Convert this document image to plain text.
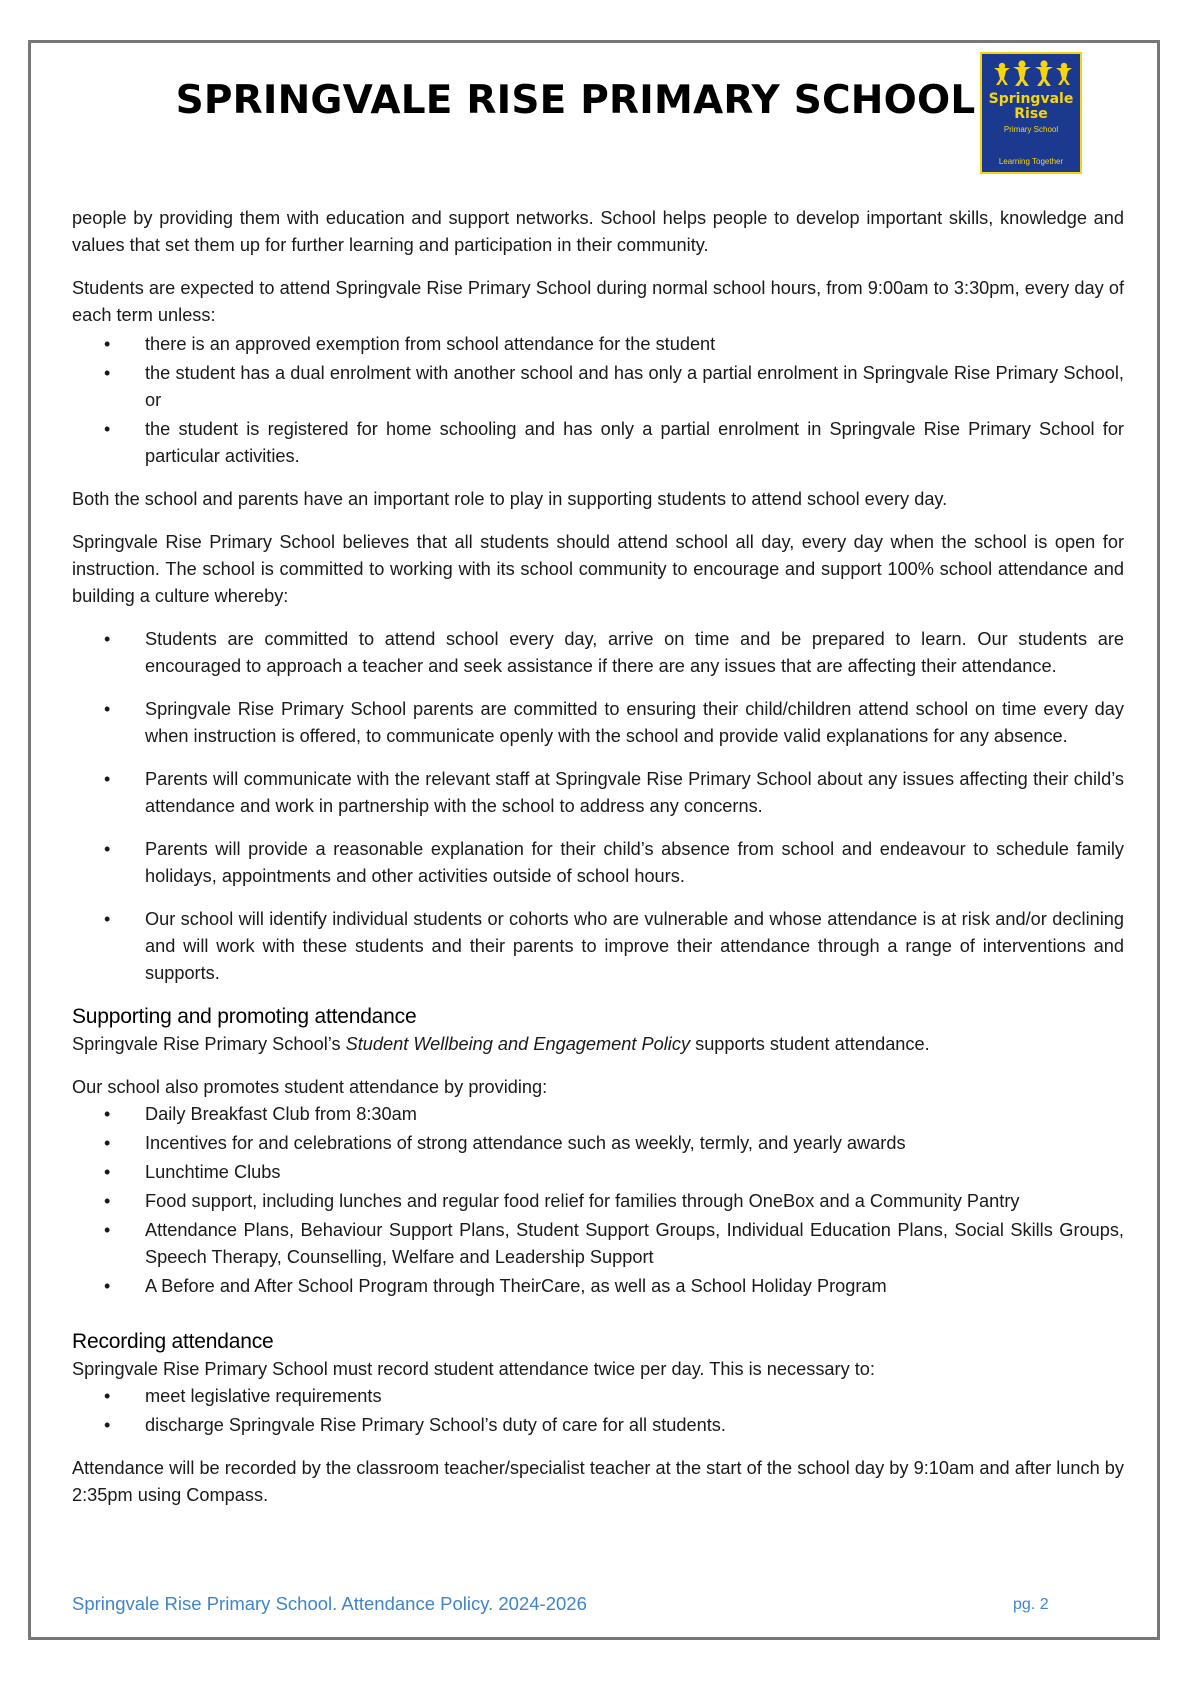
SPRINGVALE RISE PRIMARY SCHOOL Springvale
Rise
Primary School
Learning Together

people by providing them with education and support networks. School helps people to develop important skills, knowledge and values that set them up for further learning and participation in their community.

Students are expected to attend Springvale Rise Primary School during normal school hours, from 9:00am to 3:30pm, every day of each term unless:

• there is an approved exemption from school attendance for the student
• the student has a dual enrolment with another school and has only a partial enrolment in Springvale Rise Primary School, or
• the student is registered for home schooling and has only a partial enrolment in Springvale Rise Primary School for particular activities.

Both the school and parents have an important role to play in supporting students to attend school every day.

Springvale Rise Primary School believes that all students should attend school all day, every day when the school is open for instruction. The school is committed to working with its school community to encourage and support 100% school attendance and building a culture whereby:

• Students are committed to attend school every day, arrive on time and be prepared to learn. Our students are encouraged to approach a teacher and seek assistance if there are any issues that are affecting their attendance.
• Springvale Rise Primary School parents are committed to ensuring their child/children attend school on time every day when instruction is offered, to communicate openly with the school and provide valid explanations for any absence.
• Parents will communicate with the relevant staff at Springvale Rise Primary School about any issues affecting their child’s attendance and work in partnership with the school to address any concerns.
• Parents will provide a reasonable explanation for their child’s absence from school and endeavour to schedule family holidays, appointments and other activities outside of school hours.
• Our school will identify individual students or cohorts who are vulnerable and whose attendance is at risk and/or declining and will work with these students and their parents to improve their attendance through a range of interventions and supports.
Supporting and promoting attendance

Springvale Rise Primary School’s Student Wellbeing and Engagement Policy supports student attendance.

Our school also promotes student attendance by providing:

• Daily Breakfast Club from 8:30am
• Incentives for and celebrations of strong attendance such as weekly, termly, and yearly awards
• Lunchtime Clubs
• Food support, including lunches and regular food relief for families through OneBox and a Community Pantry
• Attendance Plans, Behaviour Support Plans, Student Support Groups, Individual Education Plans, Social Skills Groups, Speech Therapy, Counselling, Welfare and Leadership Support
• A Before and After School Program through TheirCare, as well as a School Holiday Program
Recording attendance

Springvale Rise Primary School must record student attendance twice per day. This is necessary to:

• meet legislative requirements
• discharge Springvale Rise Primary School’s duty of care for all students.

Attendance will be recorded by the classroom teacher/specialist teacher at the start of the school day by 9:10am and after lunch by 2:35pm using Compass.

Springvale Rise Primary School. Attendance Policy. 2024-2026	pg. 2
